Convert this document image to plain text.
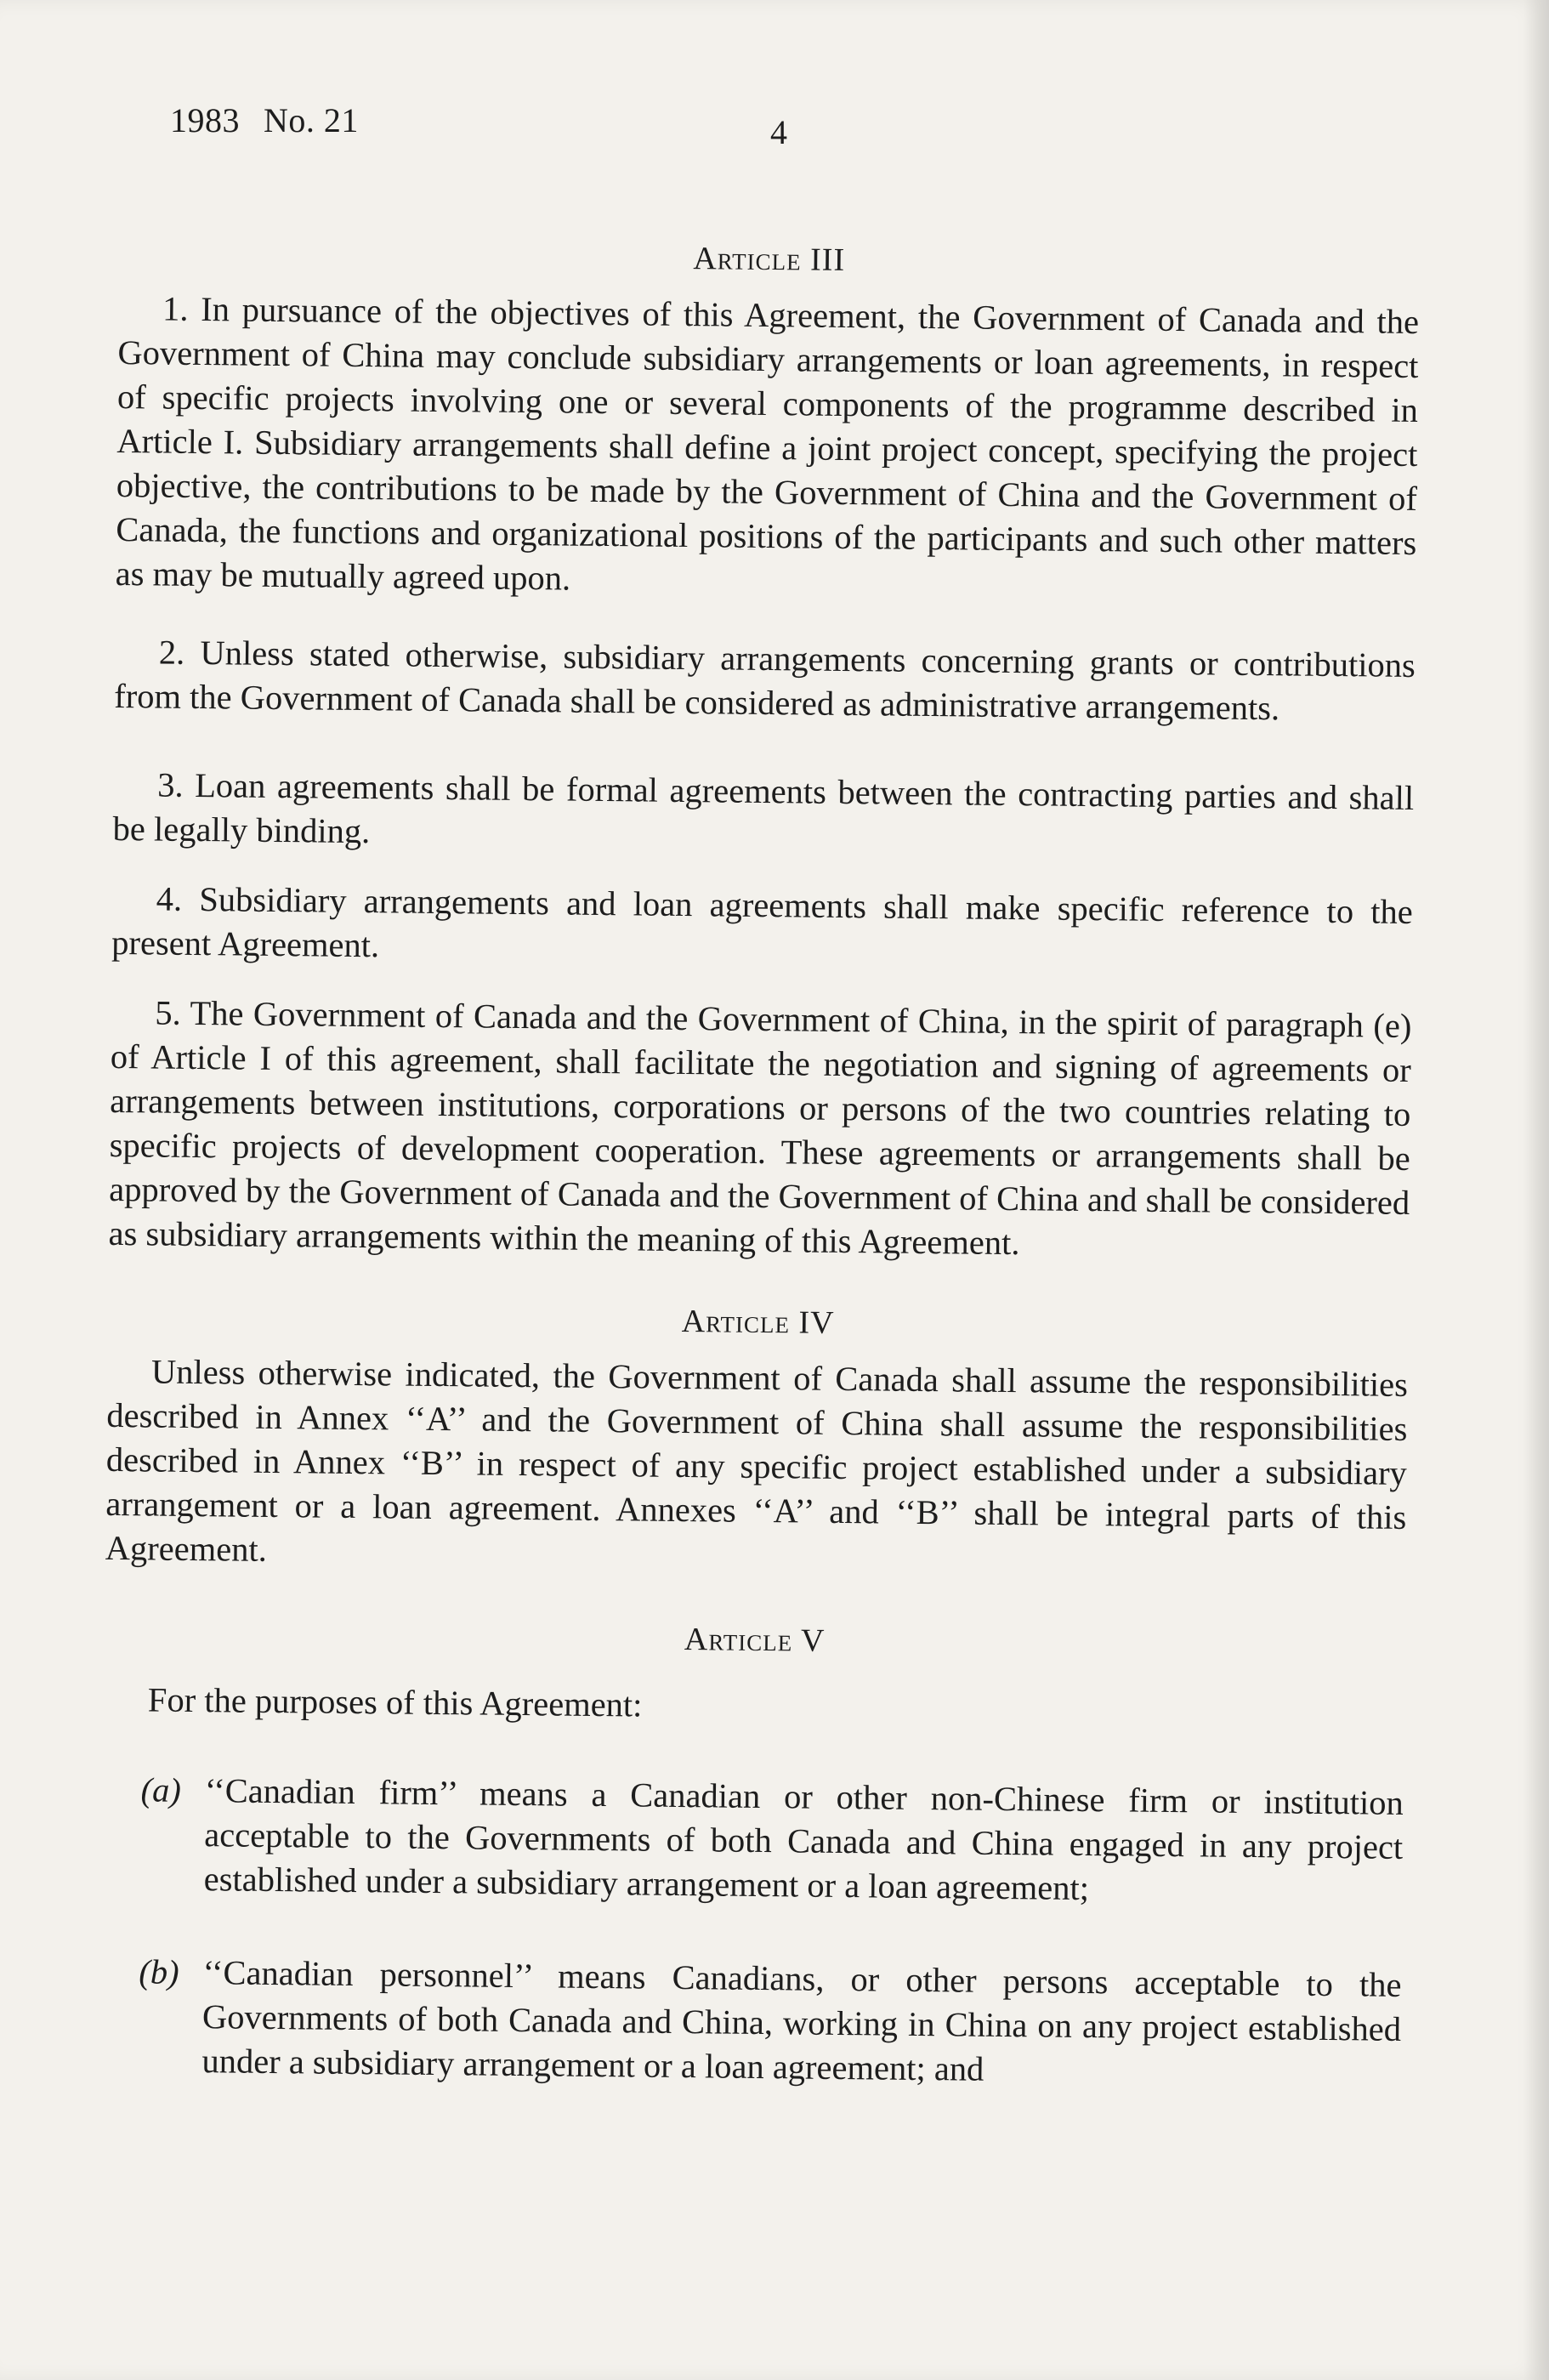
1983 No. 21	4
Article III

1. In pursuance of the objectives of this Agreement, the Government of Canada and the Government of China may conclude subsidiary arrangements or loan agreements, in respect of specific projects involving one or several components of the programme described in Article I. Subsidiary arrangements shall define a joint project concept, specifying the project objective, the contributions to be made by the Government of China and the Government of Canada, the functions and organizational positions of the participants and such other matters as may be mutually agreed upon.

2. Unless stated otherwise, subsidiary arrangements concerning grants or contributions from the Government of Canada shall be considered as administrative arrangements.

3. Loan agreements shall be formal agreements between the contracting parties and shall be legally binding.

4. Subsidiary arrangements and loan agreements shall make specific reference to the present Agreement.

5. The Government of Canada and the Government of China, in the spirit of paragraph (e) of Article I of this agreement, shall facilitate the negotiation and signing of agreements or arrangements between institutions, corporations or persons of the two countries relating to specific projects of development cooperation. These agreements or arrangements shall be approved by the Government of Canada and the Government of China and shall be considered as subsidiary arrangements within the meaning of this Agreement.

Article IV

Unless otherwise indicated, the Government of Canada shall assume the responsibilities described in Annex ‘‘A’’ and the Government of China shall assume the responsibilities described in Annex ‘‘B’’ in respect of any specific project established under a subsidiary arrangement or a loan agreement. Annexes ‘‘A’’ and ‘‘B’’ shall be integral parts of this Agreement.

Article V

For the purposes of this Agreement:

(a) ‘‘Canadian firm’’ means a Canadian or other non-Chinese firm or institution acceptable to the Governments of both Canada and China engaged in any project established under a subsidiary arrangement or a loan agreement;
(b) ‘‘Canadian personnel’’ means Canadians, or other persons acceptable to the Governments of both Canada and China, working in China on any project established under a subsidiary arrangement or a loan agreement; and
